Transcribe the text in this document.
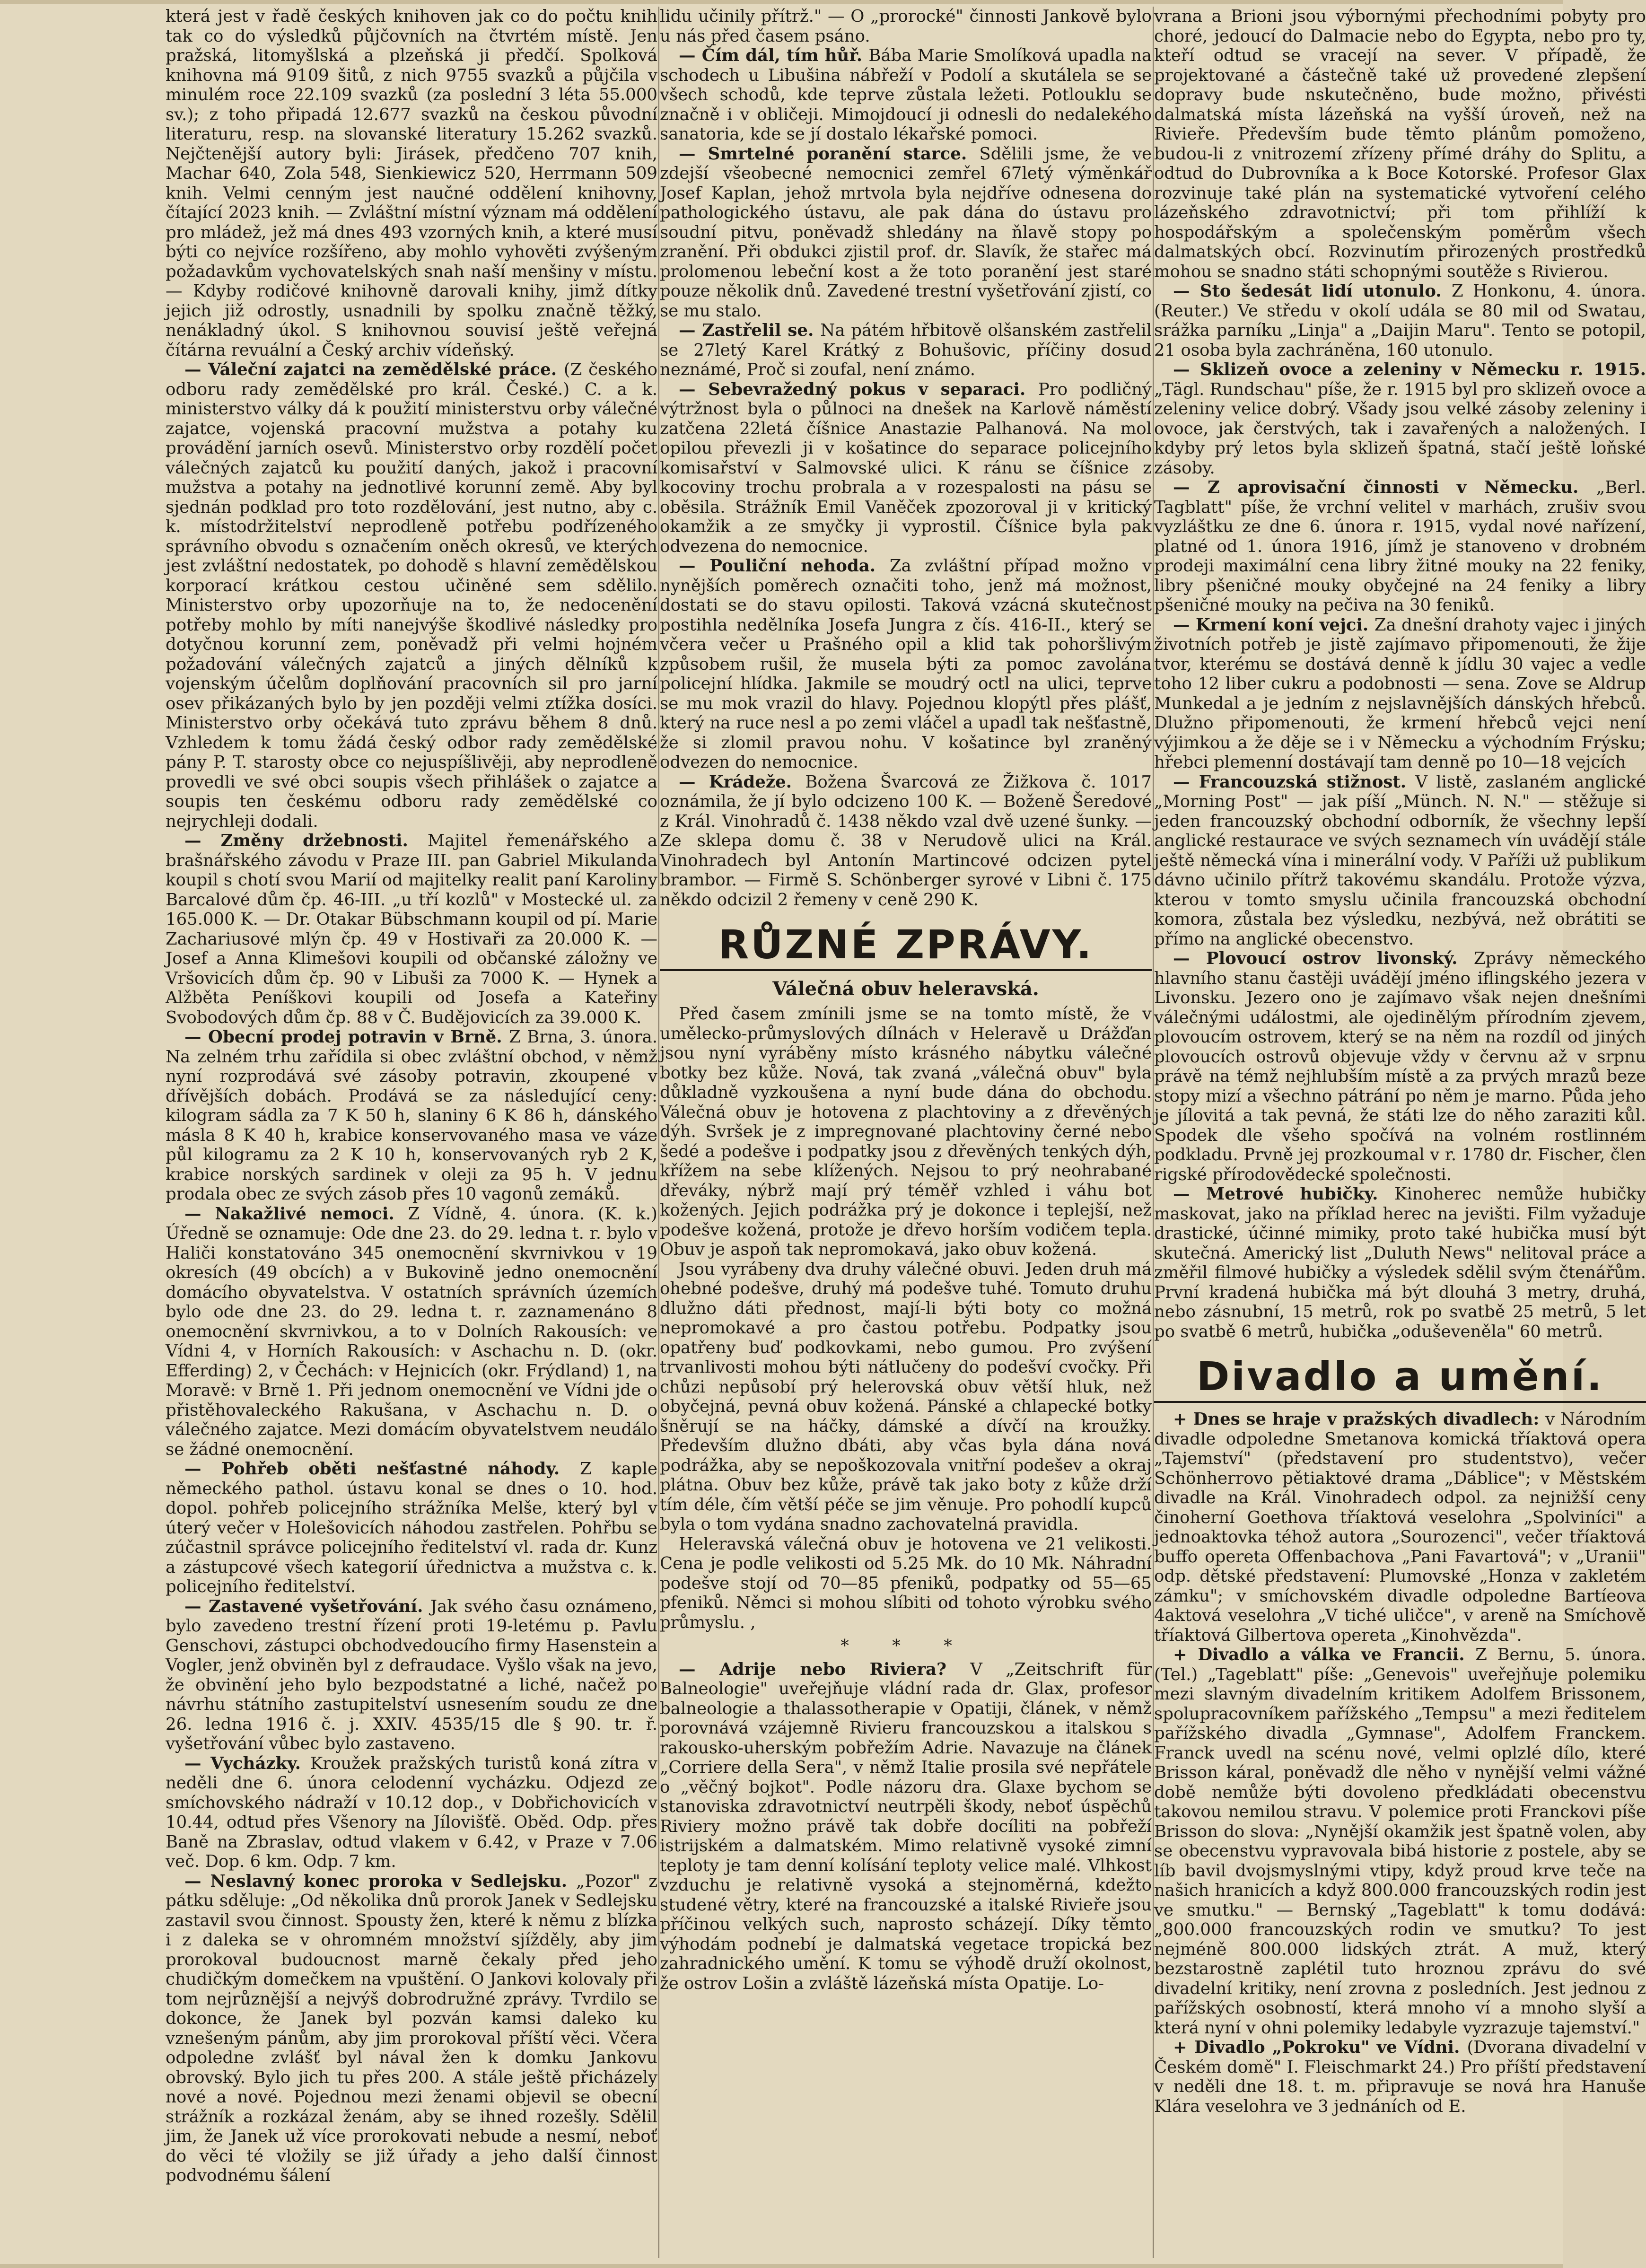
která jest v řadě českých knihoven jak co do počtu knih tak co do výsledků půjčovních na čtvrtém místě. Jen pražská, litomyšlská a plzeňská ji předčí. Spolková knihovna má 9109 šitů, z nich 9755 svazků a půjčila v minulém roce 22.109 svazků (za poslední 3 léta 55.000 sv.); z toho připadá 12.677 svazků na českou původní literaturu, resp. na slovanské literatury 15.262 svazků. Nejčtenější autory byli: Jirásek, předčeno 707 knih, Machar 640, Zola 548, Sienkiewicz 520, Herrmann 509 knih. Velmi cenným jest naučné oddělení knihovny, čítající 2023 knih. — Zvláštní místní význam má oddělení pro mládež, jež má dnes 493 vzorných knih, a které musí býti co nejvíce rozšířeno, aby mohlo vyhověti zvýšeným požadavkům vychovatelských snah naší menšiny v místu. — Kdyby rodičové knihovně darovali knihy, jimž dítky jejich již odrostly, usnadnili by spolku značně těžký, nenákladný úkol. S knihovnou souvisí ještě veřejná čítárna revuální a Český archiv vídeňský.

— Váleční zajatci na zemědělské práce. (Z českého odboru rady zemědělské pro král. České.) C. a k. ministerstvo války dá k použití ministerstvu orby válečné zajatce, vojenská pracovní mužstva a potahy ku provádění jarních osevů. Ministerstvo orby rozdělí počet válečných zajatců ku použití daných, jakož i pracovní mužstva a potahy na jednotlivé korunní země. Aby byl sjednán podklad pro toto rozdělování, jest nutno, aby c. k. místodržitelství neprodleně potřebu podřízeného správního obvodu s označením oněch okresů, ve kterých jest zvláštní nedostatek, po dohodě s hlavní zemědělskou korporací krátkou cestou učiněné sem sdělilo. Ministerstvo orby upozorňuje na to, že nedocenění potřeby mohlo by míti nanejvýše škodlivé následky pro dotyčnou korunní zem, poněvadž při velmi hojném požadování válečných zajatců a jiných dělníků k vojenským účelům doplňování pracovních sil pro jarní osev přikázaných bylo by jen později velmi ztížka dosíci. Ministerstvo orby očekává tuto zprávu během 8 dnů. Vzhledem k tomu žádá český odbor rady zemědělské pány P. T. starosty obce co nejuspíšlivěji, aby neprodleně provedli ve své obci soupis všech přihlášek o zajatce a soupis ten českému odboru rady zemědělské co nejrychleji dodali.

— Změny držebnosti. Majitel řemenářského a brašnářského závodu v Praze III. pan Gabriel Mikulanda koupil s chotí svou Marií od majitelky realit paní Karoliny Barcalové dům čp. 46-III. „u tří kozlů" v Mostecké ul. za 165.000 K. — Dr. Otakar Bübschmann koupil od pí. Marie Zachariusové mlýn čp. 49 v Hostivaři za 20.000 K. — Josef a Anna Klimešovi koupili od občanské záložny ve Vršovicích dům čp. 90 v Libuši za 7000 K. — Hynek a Alžběta Peníškovi koupili od Josefa a Kateřiny Svobodových dům čp. 88 v Č. Budějovicích za 39.000 K.

— Obecní prodej potravin v Brně. Z Brna, 3. února. Na zelném trhu zařídila si obec zvláštní obchod, v němž nyní rozprodává své zásoby potravin, zkoupené v dřívějších dobách. Prodává se za následující ceny: kilogram sádla za 7 K 50 h, slaniny 6 K 86 h, dánského másla 8 K 40 h, krabice konservovaného masa ve váze půl kilogramu za 2 K 10 h, konservovaných ryb 2 K, krabice norských sardinek v oleji za 95 h. V jednu prodala obec ze svých zásob přes 10 vagonů zemáků.

— Nakažlivé nemoci. Z Vídně, 4. února. (K. k.) Úředně se oznamuje: Ode dne 23. do 29. ledna t. r. bylo v Haliči konstatováno 345 onemocnění skvrnivkou v 19 okresích (49 obcích) a v Bukovině jedno onemocnění domácího obyvatelstva. V ostatních správních územích bylo ode dne 23. do 29. ledna t. r. zaznamenáno 8 onemocnění skvrnivkou, a to v Dolních Rakousích: ve Vídni 4, v Horních Rakousích: v Aschachu n. D. (okr. Efferding) 2, v Čechách: v Hejnicích (okr. Frýdland) 1, na Moravě: v Brně 1. Při jednom onemocnění ve Vídni jde o přistěhovaleckého Rakušana, v Aschachu n. D. o válečného zajatce. Mezi domácím obyvatelstvem neudálo se žádné onemocnění.

— Pohřeb oběti nešťastné náhody. Z kaple německého pathol. ústavu konal se dnes o 10. hod. dopol. pohřeb policejního strážníka Melše, který byl v úterý večer v Holešovicích náhodou zastřelen. Pohřbu se zúčastnil správce policejního ředitelství vl. rada dr. Kunz a zástupcové všech kategorií úřednictva a mužstva c. k. policejního ředitelství.

— Zastavené vyšetřování. Jak svého času oznámeno, bylo zavedeno trestní řízení proti 19-letému p. Pavlu Genschovi, zástupci obchodvedoucího firmy Hasenstein a Vogler, jenž obviněn byl z defraudace. Vyšlo však na jevo, že obvinění jeho bylo bezpodstatné a liché, načež po návrhu státního zastupitelství usnesením soudu ze dne 26. ledna 1916 č. j. XXIV. 4535/15 dle § 90. tr. ř. vyšetřování vůbec bylo zastaveno.

— Vycházky. Kroužek pražských turistů koná zítra v neděli dne 6. února celodenní vycházku. Odjezd ze smíchovského nádraží v 10.12 dop., v Dobřichovicích v 10.44, odtud přes Všenory na Jílovišťě. Oběd. Odp. přes Baně na Zbraslav, odtud vlakem v 6.42, v Praze v 7.06 več. Dop. 6 km. Odp. 7 km.

— Neslavný konec proroka v Sedlejsku. „Pozor" z pátku sděluje: „Od několika dnů prorok Janek v Sedlejsku zastavil svou činnost. Spousty žen, které k němu z blízka i z daleka se v ohromném množství sjížděly, aby jim prorokoval budoucnost marně čekaly před jeho chudičkým domečkem na vpuštění. O Jankovi kolovaly při tom nejrůznější a nejvýš dobrodružné zprávy. Tvrdilo se dokonce, že Janek byl pozván kamsi daleko ku vznešeným pánům, aby jim prorokoval příští věci. Včera odpoledne zvlášť byl nával žen k domku Jankovu obrovský. Bylo jich tu přes 200. A stále ještě přicházely nové a nové. Pojednou mezi ženami objevil se obecní strážník a rozkázal ženám, aby se ihned rozešly. Sdělil jim, že Janek už více prorokovati nebude a nesmí, neboť do věci té vložily se již úřady a jeho další činnost podvodnému šálení

lidu učinily přítrž." — O „prorocké" činnosti Jankově bylo u nás před časem psáno.

— Čím dál, tím hůř. Bába Marie Smolíková upadla na schodech u Libušina nábřeží v Podolí a skutálela se se všech schodů, kde teprve zůstala ležeti. Potlouklu se značně i v obličeji. Mimojdoucí ji odnesli do nedalekého sanatoria, kde se jí dostalo lékařské pomoci.

— Smrtelné poranění starce. Sdělili jsme, že ve zdejší všeobecné nemocnici zemřel 67letý výměnkář Josef Kaplan, jehož mrtvola byla nejdříve odnesena do pathologického ústavu, ale pak dána do ústavu pro soudní pitvu, poněvadž shledány na ňlavě stopy po zranění. Při obdukci zjistil prof. dr. Slavík, že stařec má prolomenou lebeční kost a že toto poranění jest staré pouze několik dnů. Zavedené trestní vyšetřování zjistí, co se mu stalo.

— Zastřelil se. Na pátém hřbitově olšanském zastřelil se 27letý Karel Krátký z Bohušovic, příčiny dosud neznámé, Proč si zoufal, není známo.

— Sebevražedný pokus v separaci. Pro podličný výtržnost byla o půlnoci na dnešek na Karlově náměstí zatčena 22letá číšnice Anastazie Palhanová. Na mol opilou převezli ji v košatince do separace policejního komisařství v Salmovské ulici. K ránu se číšnice z kocoviny trochu probrala a v rozespalosti na pásu se oběsila. Strážník Emil Vaněček zpozoroval ji v kritický okamžik a ze smyčky ji vyprostil. Číšnice byla pak odvezena do nemocnice.

— Pouliční nehoda. Za zvláštní případ možno v nynějších poměrech označiti toho, jenž má možnost, dostati se do stavu opilosti. Taková vzácná skutečnost postihla nedělníka Josefa Jungra z čís. 416-II., který se včera večer u Prašného opil a klid tak pohoršlivým způsobem rušil, že musela býti za pomoc zavolána policejní hlídka. Jakmile se moudrý octl na ulici, teprve se mu mok vrazil do hlavy. Pojednou klopýtl přes plášť, který na ruce nesl a po zemi vláčel a upadl tak nešťastně, že si zlomil pravou nohu. V košatince byl zraněný odvezen do nemocnice.

— Krádeže. Božena Švarcová ze Žižkova č. 1017 oznámila, že jí bylo odcizeno 100 K. — Boženě Šeredové z Král. Vinohradů č. 1438 někdo vzal dvě uzené šunky. — Ze sklepa domu č. 38 v Nerudově ulici na Král. Vinohradech byl Antonín Martincové odcizen pytel brambor. — Firmě S. Schönberger syrové v Libni č. 175 někdo odcizil 2 řemeny v ceně 290 K.

RŮZNÉ ZPRÁVY.
Válečná obuv heleravská.

Před časem zmínili jsme se na tomto místě, že v umělecko-průmyslových dílnách v Heleravě u Drážďan jsou nyní vyráběny místo krásného nábytku válečné botky bez kůže. Nová, tak zvaná „válečná obuv" byla důkladně vyzkoušena a nyní bude dána do obchodu. Válečná obuv je hotovena z plachtoviny a z dřevěných dýh. Svršek je z impregnované plachtoviny černé nebo šedé a podešve i podpatky jsou z dřevěných tenkých dýh, křížem na sebe klížených. Nejsou to prý neohrabané dřeváky, nýbrž mají prý téměř vzhled i váhu bot kožených. Jejich podrážka prý je dokonce i teplejší, než podešve kožená, protože je dřevo horším vodičem tepla. Obuv je aspoň tak nepromokavá, jako obuv kožená.

Jsou vyrábeny dva druhy válečné obuvi. Jeden druh má ohebné podešve, druhý má podešve tuhé. Tomuto druhu dlužno dáti přednost, mají-li býti boty co možná nepromokavé a pro častou potřebu. Podpatky jsou opatřeny buď podkovkami, nebo gumou. Pro zvýšení trvanlivosti mohou býti nátlučeny do podešví cvočky. Při chůzi nepůsobí prý helerovská obuv větší hluk, než obyčejná, pevná obuv kožená. Pánské a chlapecké botky šněrují se na háčky, dámské a dívčí na kroužky. Především dlužno dbáti, aby včas byla dána nová podrážka, aby se nepoškozovala vnitřní podešev a okraj plátna. Obuv bez kůže, právě tak jako boty z kůže drží tím déle, čím větší péče se jim věnuje. Pro pohodlí kupců byla o tom vydána snadno zachovatelná pravidla.

Heleravská válečná obuv je hotovena ve 21 velikosti. Cena je podle velikosti od 5.25 Mk. do 10 Mk. Náhradní podešve stojí od 70—85 pfeniků, podpatky od 55—65 pfeniků. Němci si mohou slíbiti od tohoto výrobku svého průmyslu. ,

* * *

— Adrije nebo Riviera? V „Zeitschrift für Balneologie" uveřejňuje vládní rada dr. Glax, profesor balneologie a thalassotherapie v Opatiji, článek, v němž porovnává vzájemně Rivieru francouzskou a italskou s rakousko-uherským pobřežím Adrie. Navazuje na článek „Corriere della Sera", v němž Italie prosila své nepřátele o „věčný bojkot". Podle názoru dra. Glaxe bychom se stanoviska zdravotnictví neutrpěli škody, neboť úspěchů Riviery možno právě tak dobře docíliti na pobřeží istrijském a dalmatském. Mimo relativně vysoké zimní teploty je tam denní kolísání teploty velice malé. Vlhkost vzduchu je relativně vysoká a stejnoměrná, kdežto studené větry, které na francouzské a italské Rivieře jsou příčinou velkých such, naprosto scházejí. Díky těmto výhodám podnebí je dalmatská vegetace tropická bez zahradnického umění. K tomu se výhodě druží okolnost, že ostrov Lošin a zvláště lázeňská místa Opatije. Lo-

vrana a Brioni jsou výbornými přechodními pobyty pro choré, jedoucí do Dalmacie nebo do Egypta, nebo pro ty, kteří odtud se vracejí na sever. V případě, že projektované a částečně také už provedené zlepšení dopravy bude nskutečněno, bude možno, přivésti dalmatská místa lázeňská na vyšší úroveň, než na Rivieře. Především bude těmto plánům pomoženo, budou-li z vnitrozemí zřízeny přímé dráhy do Splitu, a odtud do Dubrovníka a k Boce Kotorské. Profesor Glax rozvinuje také plán na systematické vytvoření celého lázeňského zdravotnictví; při tom přihlíží k hospodářským a společenským poměrům všech dalmatských obcí. Rozvinutím přirozených prostředků mohou se snadno státi schopnými soutěže s Rivierou.

— Sto šedesát lidí utonulo. Z Honkonu, 4. února. (Reuter.) Ve středu v okolí udála se 80 mil od Swatau, srážka parníku „Linja" a „Daijin Maru". Tento se potopil, 21 osoba byla zachráněna, 160 utonulo.

— Sklizeň ovoce a zeleniny v Německu r. 1915. „Tägl. Rundschau" píše, že r. 1915 byl pro sklizeň ovoce a zeleniny velice dobrý. Všady jsou velké zásoby zeleniny i ovoce, jak čerstvých, tak i zavařených a naložených. I kdyby prý letos byla sklizeň špatná, stačí ještě loňské zásoby.

— Z aprovisační činnosti v Německu. „Berl. Tagblatt" píše, že vrchní velitel v marhách, zrušiv svou vyzláštku ze dne 6. února r. 1915, vydal nové nařízení, platné od 1. února 1916, jímž je stanoveno v drobném prodeji maximální cena libry žitné mouky na 22 feniky, libry pšeničné mouky obyčejné na 24 feniky a libry pšeničné mouky na pečiva na 30 feniků.

— Krmení koní vejci. Za dnešní drahoty vajec i jiných životních potřeb je jistě zajímavo připomenouti, že žije tvor, kterému se dostává denně k jídlu 30 vajec a vedle toho 12 liber cukru a podobnosti — sena. Zove se Aldrup Munkedal a je jedním z nejslavnějších dánských hřebců. Dlužno připomenouti, že krmení hřebců vejci není výjimkou a že děje se i v Německu a východním Frýsku; hřebci plemenní dostávají tam denně po 10—18 vejcích

— Francouzská stižnost. V listě, zaslaném anglické „Morning Post" — jak píší „Münch. N. N." — stěžuje si jeden francouzský obchodní odborník, že všechny lepší anglické restaurace ve svých seznamech vín uvádějí stále ještě německá vína i minerální vody. V Paříži už publikum dávno učinilo přítrž takovému skandálu. Protože výzva, kterou v tomto smyslu učinila francouzská obchodní komora, zůstala bez výsledku, nezbývá, než obrátiti se přímo na anglické obecenstvo.

— Plovoucí ostrov livonský. Zprávy německého hlavního stanu častěji uvádějí jméno iflingského jezera v Livonsku. Jezero ono je zajímavo však nejen dnešními válečnými událostmi, ale ojedinělým přírodním zjevem, plovoucím ostrovem, který se na něm na rozdíl od jiných plovoucích ostrovů objevuje vždy v červnu až v srpnu právě na témž nejhlubším místě a za prvých mrazů beze stopy mizí a všechno pátrání po něm je marno. Půda jeho je jílovitá a tak pevná, že státi lze do něho zaraziti kůl. Spodek dle všeho spočívá na volném rostlinném podkladu. Prvně jej prozkoumal v r. 1780 dr. Fischer, člen rigské přírodovědecké společnosti.

— Metrové hubičky. Kinoherec nemůže hubičky maskovat, jako na příklad herec na jevišti. Film vyžaduje drastické, účinné mimiky, proto také hubička musí být skutečná. Americký list „Duluth News" nelitoval práce a změřil filmové hubičky a výsledek sdělil svým čtenářům. První kradená hubička má být dlouhá 3 metry, druhá, nebo zásnubní, 15 metrů, rok po svatbě 25 metrů, 5 let po svatbě 6 metrů, hubička „oduševeněla" 60 metrů.

Divadlo a umění.

+ Dnes se hraje v pražských divadlech: v Národním divadle odpoledne Smetanova komická tříaktová opera „Tajemství" (představení pro studentstvo), večer Schönherrovo pětiaktové drama „Dáblice"; v Městském divadle na Král. Vinohradech odpol. za nejnižší ceny činoherní Goethova tříaktová veselohra „Spolviníci" a jednoaktovka téhož autora „Sourozenci", večer tříaktová buffo opereta Offenbachova „Pani Favartová"; v „Uranii" odp. dětské představení: Plumovské „Honza v zakletém zámku"; v smíchovském divadle odpoledne Bartíeova 4aktová veselohra „V tiché uličce", v areně na Smíchově tříaktová Gilbertova opereta „Kinohvězda".

+ Divadlo a válka ve Francii. Z Bernu, 5. února. (Tel.) „Tageblatt" píše: „Genevois" uveřejňuje polemiku mezi slavným divadelním kritikem Adolfem Brissonem, spolupracovníkem pařížského „Tempsu" a mezi ředitelem pařížského divadla „Gymnase", Adolfem Franckem. Franck uvedl na scénu nové, velmi oplzlé dílo, které Brisson káral, poněvadž dle něho v nynější velmi vážné době nemůže býti dovoleno předkládati obecenstvu takovou nemilou stravu. V polemice proti Franckovi píše Brisson do slova: „Nynější okamžik jest špatně volen, aby se obecenstvu vypravovala bibá historie z postele, aby se líb bavil dvojsmyslnými vtipy, když proud krve teče na našich hranicích a když 800.000 francouzských rodin jest ve smutku." — Bernský „Tageblatt" k tomu dodává: „800.000 francouzských rodin ve smutku? To jest nejméně 800.000 lidských ztrát. A muž, který bezstarostně zaplétil tuto hroznou zprávu do své divadelní kritiky, není zrovna z posledních. Jest jednou z pařížských osobností, která mnoho ví a mnoho slyší a která nyní v ohni polemiky ledabyle vyzrazuje tajemství."

+ Divadlo „Pokroku" ve Vídni. (Dvorana divadelní v Českém domě" I. Fleischmarkt 24.) Pro příští představení v neděli dne 18. t. m. připravuje se nová hra Hanuše Klára veselohra ve 3 jednáních od E.
